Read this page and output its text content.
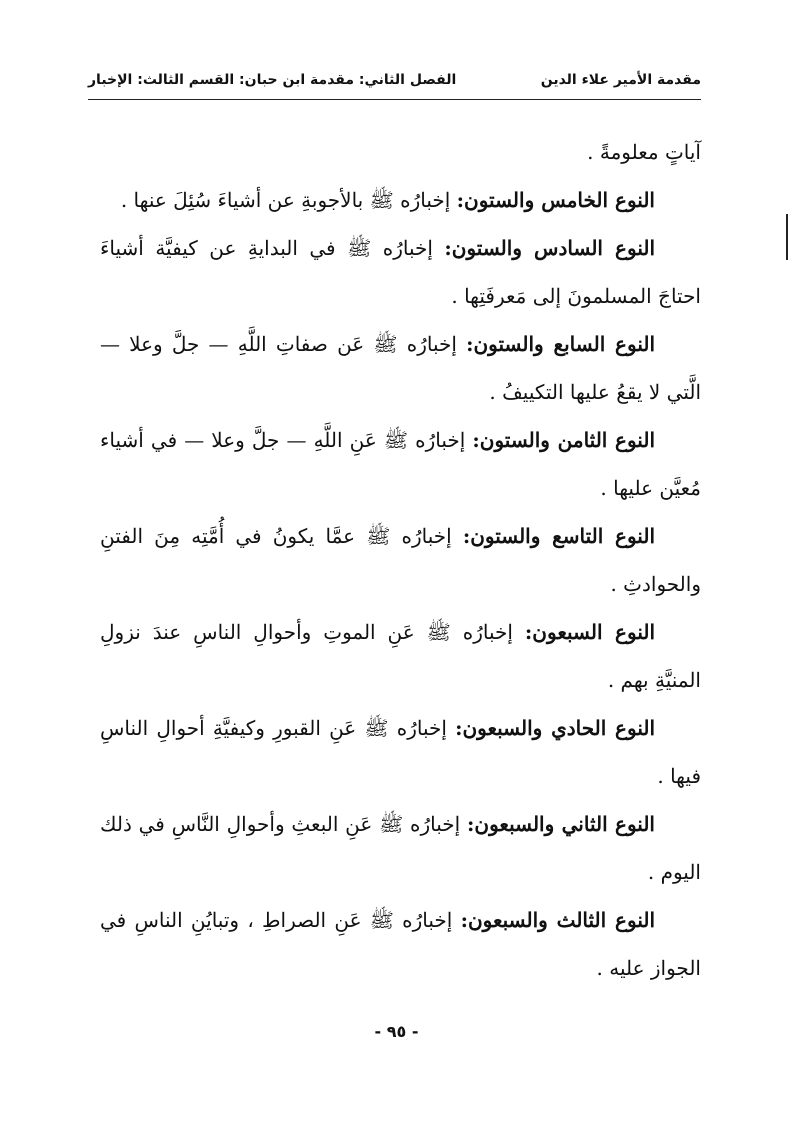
مقدمة الأمير علاء الدين
الفصل الثاني: مقدمة ابن حبان: القسم الثالث: الإخبار

آياتٍ معلومةً .

النوع الخامس والستون: إخبارُه ﷺ بالأجوبةِ عن أشياءَ سُئِلَ عنها .

النوع السادس والستون: إخبارُه ﷺ في البدايةِ عن كيفيَّة أشياءَ احتاجَ المسلمونَ إلى مَعرفَتِها .

النوع السابع والستون: إخبارُه ﷺ عَن صفاتِ اللَّهِ — جلَّ وعلا — الَّتي لا يقعُ عليها التكييفُ .

النوع الثامن والستون: إخبارُه ﷺ عَنِ اللَّهِ — جلَّ وعلا — في أشياء مُعيَّن عليها .

النوع التاسع والستون: إخبارُه ﷺ عمَّا يكونُ في أُمَّتِه مِنَ الفتنِ والحوادثِ .

النوع السبعون: إخبارُه ﷺ عَنِ الموتِ وأحوالِ الناسِ عندَ نزولِ المنيَّةِ بهم .

النوع الحادي والسبعون: إخبارُه ﷺ عَنِ القبورِ وكيفيَّةِ أحوالِ الناسِ فيها .

النوع الثاني والسبعون: إخبارُه ﷺ عَنِ البعثِ وأحوالِ النَّاسِ في ذلك اليوم .

النوع الثالث والسبعون: إخبارُه ﷺ عَنِ الصراطِ ، وتبايُنِ الناسِ في الجواز عليه .

- ٩٥ -
